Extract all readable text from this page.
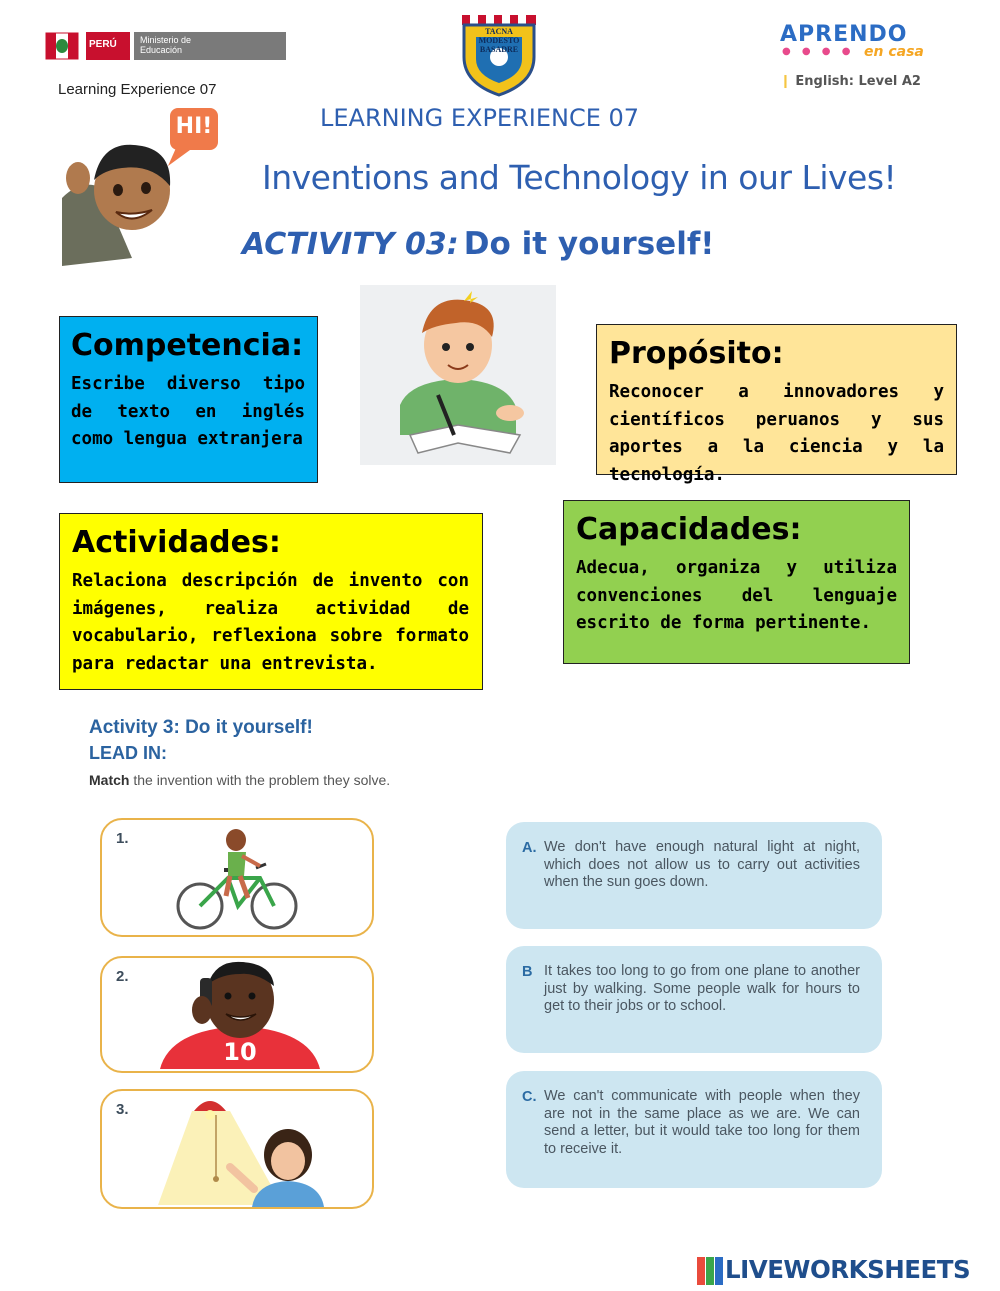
PERÚ	Ministerio de Educación
Learning Experience 07
TACNA MODESTO BASADRE
APRENDO
● ● ● ● en casa
❙ English: Level A2
HI!	LEARNING EXPERIENCE 07
Inventions and Technology in our Lives!
ACTIVITY 03: Do it yourself!
Competencia:
Escribe diverso tipo de texto en inglés como lengua extranjera
Propósito:
Reconocer a innovadores y científicos peruanos y sus aportes a la ciencia y la tecnología.
Actividades:
Relaciona descripción de invento con imágenes, realiza actividad de vocabulario, reflexiona sobre formato para redactar una entrevista.
Capacidades:
Adecua, organiza y utiliza convenciones del lenguaje escrito de forma pertinente.
Activity 3: Do it yourself!
LEAD IN:
Match the invention with the problem they solve.
1.
2.
10
3.
A. We don't have enough natural light at night, which does not allow us to carry out activities when the sun goes down.
B It takes too long to go from one plane to another just by walking. Some people walk for hours to get to their jobs or to school.
C. We can't communicate with people when they are not in the same place as we are. We can send a letter, but it would take too long for them to receive it.
LIVEWORKSHEETS
